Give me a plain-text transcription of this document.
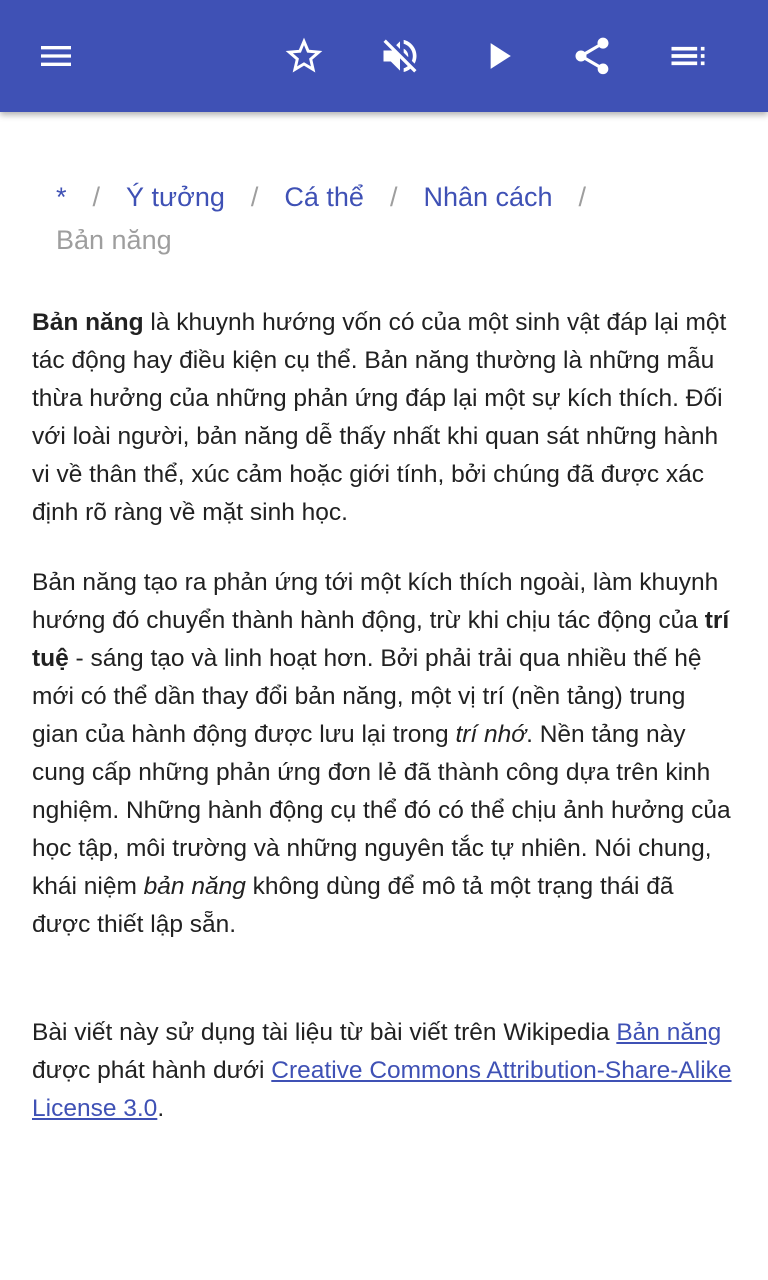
* / Ý tưởng / Cá thể / Nhân cách /
Bản năng

Bản năng là khuynh hướng vốn có của một sinh vật đáp lại một tác động hay điều kiện cụ thể. Bản năng thường là những mẫu thừa hưởng của những phản ứng đáp lại một sự kích thích. Đối với loài người, bản năng dễ thấy nhất khi quan sát những hành vi về thân thể, xúc cảm hoặc giới tính, bởi chúng đã được xác định rõ ràng về mặt sinh học.

Bản năng tạo ra phản ứng tới một kích thích ngoài, làm khuynh hướng đó chuyển thành hành động, trừ khi chịu tác động của trí tuệ - sáng tạo và linh hoạt hơn. Bởi phải trải qua nhiều thế hệ mới có thể dần thay đổi bản năng, một vị trí (nền tảng) trung gian của hành động được lưu lại trong trí nhớ. Nền tảng này cung cấp những phản ứng đơn lẻ đã thành công dựa trên kinh nghiệm. Những hành động cụ thể đó có thể chịu ảnh hưởng của học tập, môi trường và những nguyên tắc tự nhiên. Nói chung, khái niệm bản năng không dùng để mô tả một trạng thái đã được thiết lập sẵn.

Bài viết này sử dụng tài liệu từ bài viết trên Wikipedia Bản năng được phát hành dưới Creative Commons Attribution-Share-Alike License 3.0.
